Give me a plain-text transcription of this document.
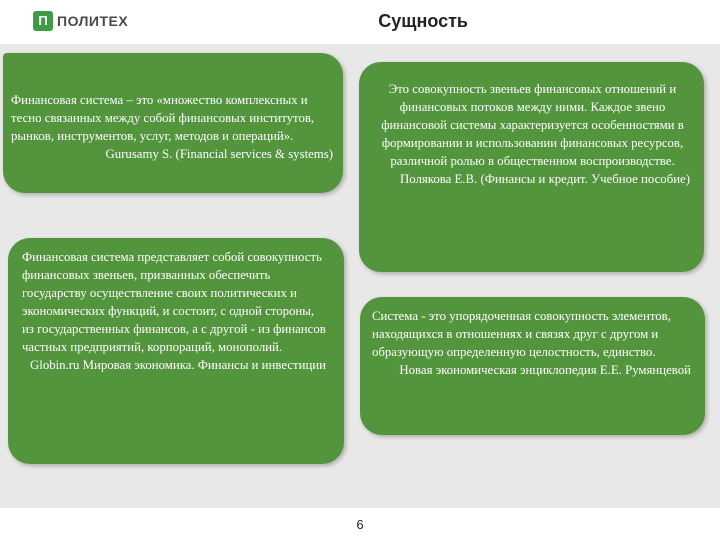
П ПОЛИТЕХ	Сущность

Финансовая система – это «множество комплексных и тесно связанных между собой финансовых институтов, рынков, инструментов, услуг, методов и операций».

Gurusamy S. (Financial services & systems)

Это совокупность звеньев финансовых отношений и финансовых потоков между ними. Каждое звено финансовой системы характеризуется особенностями в формировании и использовании финансовых ресурсов, различной ролью в общественном воспроизводстве.

Полякова Е.В. (Финансы и кредит. Учебное пособие)

Финансовая система представляет собой совокупность финансовых звеньев, призванных обеспечить государству осуществление своих политических и экономических функций, и состоит, с одной стороны, из государственных финансов, а с другой - из финансов частных предприятий, корпораций, монополий.

Globin.ru Мировая экономика. Финансы и инвестиции

Система - это упорядоченная совокупность элементов, находящихся в отношениях и связях друг с другом и образующую определенную целостность, единство.

Новая экономическая энциклопедия Е.Е. Румянцевой

6
